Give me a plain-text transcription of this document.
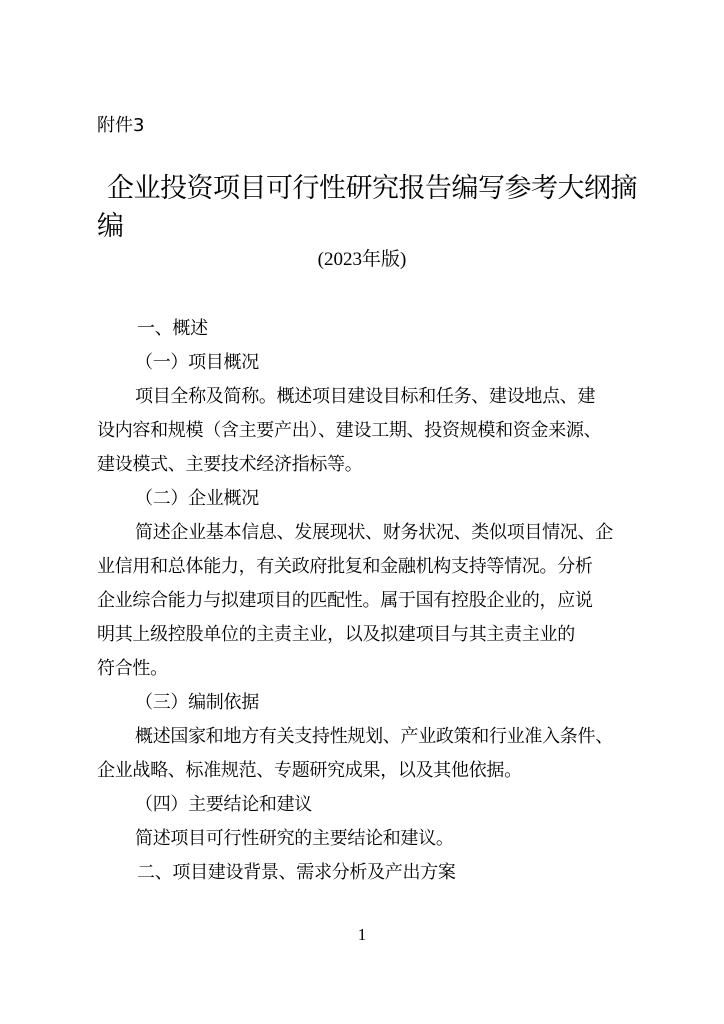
附件3
企业投资项目可行性研究报告编写参考大纲摘
编
(2023年版)
一、概述
（一）项目概况
项目全称及简称。概述项目建设目标和任务、建设地点、建
设内容和规模（含主要产出）、建设工期、投资规模和资金来源、
建设模式、主要技术经济指标等。
（二）企业概况
简述企业基本信息、发展现状、财务状况、类似项目情况、企
业信用和总体能力，有关政府批复和金融机构支持等情况。分析
企业综合能力与拟建项目的匹配性。属于国有控股企业的，应说
明其上级控股单位的主责主业，以及拟建项目与其主责主业的
符合性。
（三）编制依据
概述国家和地方有关支持性规划、产业政策和行业准入条件、
企业战略、标准规范、专题研究成果，以及其他依据。
（四）主要结论和建议
简述项目可行性研究的主要结论和建议。
二、项目建设背景、需求分析及产出方案
1
